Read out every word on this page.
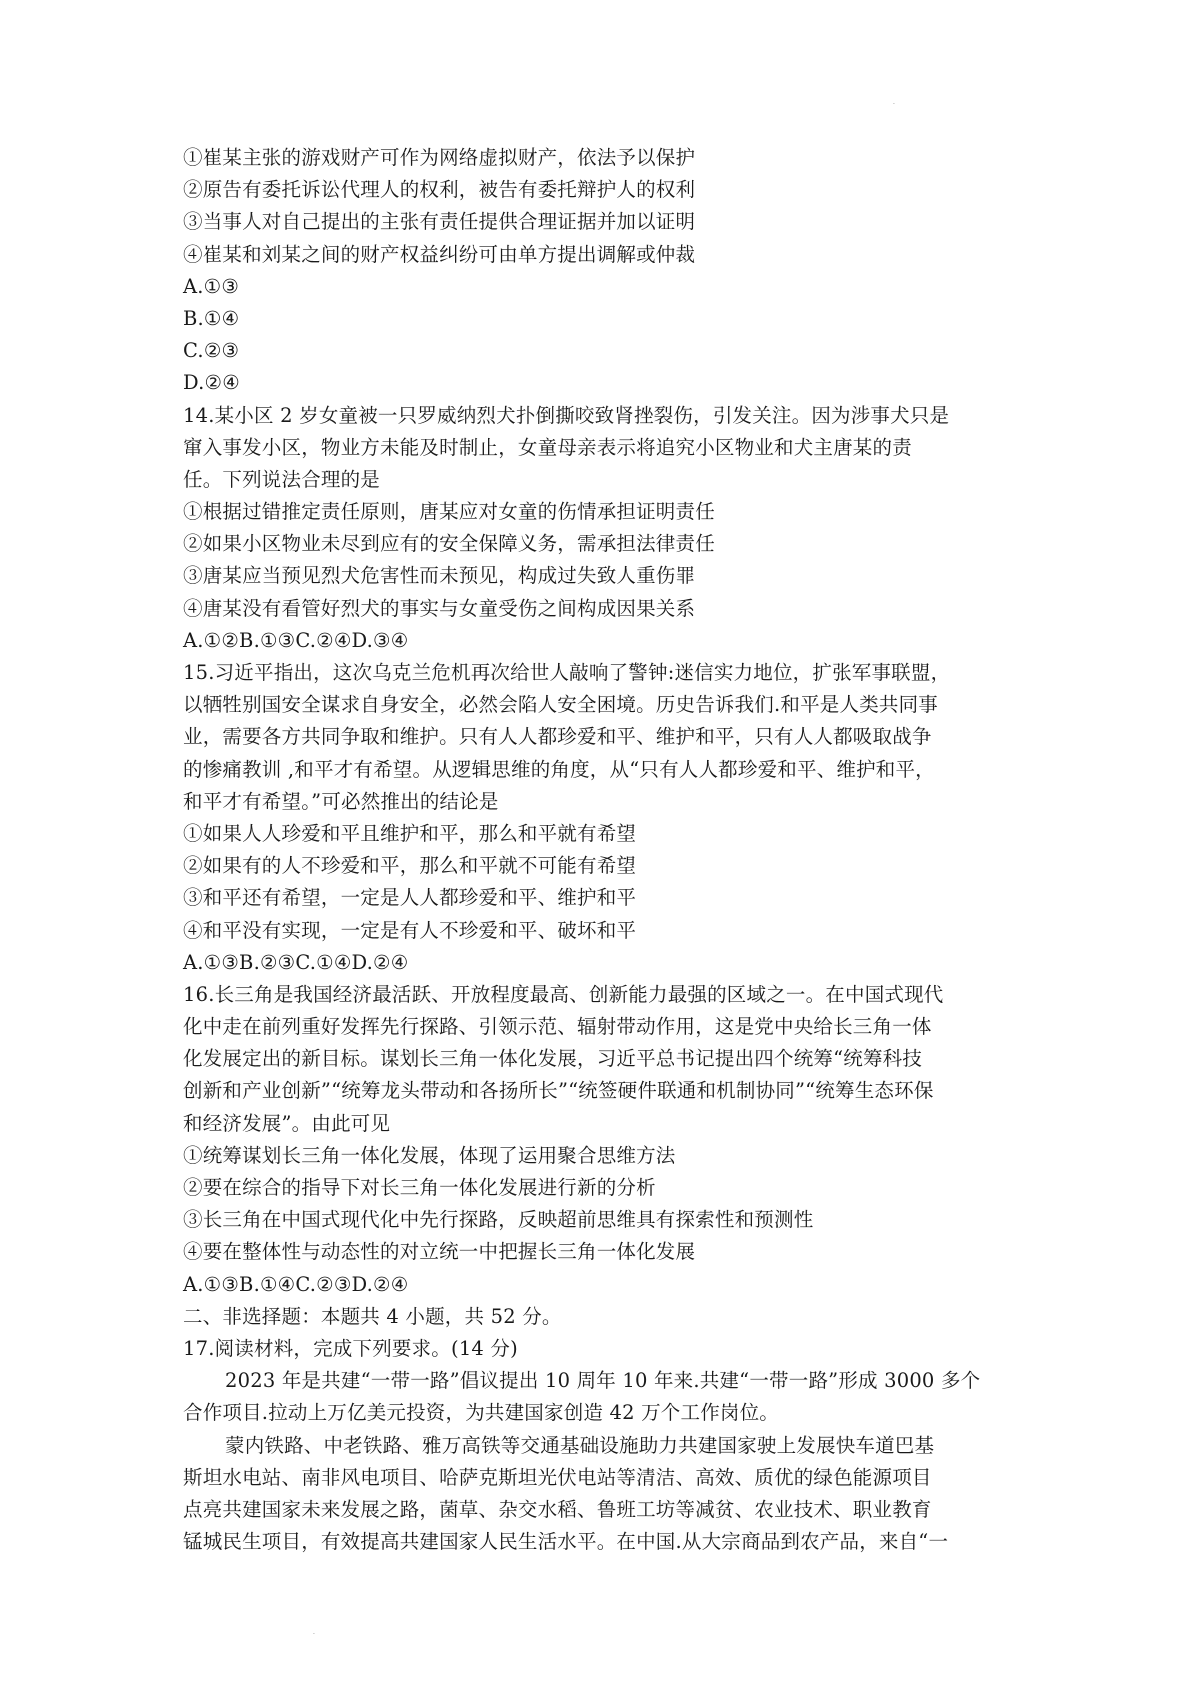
·
·
①崔某主张的游戏财产可作为网络虚拟财产，依法予以保护
②原告有委托诉讼代理人的权利，被告有委托辩护人的权利
③当事人对自己提出的主张有责任提供合理证据并加以证明
④崔某和刘某之间的财产权益纠纷可由单方提出调解或仲裁
A.①③
B.①④
C.②③
D.②④
14.某小区 2 岁女童被一只罗威纳烈犬扑倒撕咬致肾挫裂伤，引发关注。因为涉事犬只是
窜入事发小区，物业方未能及时制止，女童母亲表示将追究小区物业和犬主唐某的责
任。下列说法合理的是
①根据过错推定责任原则，唐某应对女童的伤情承担证明责任
②如果小区物业未尽到应有的安全保障义务，需承担法律责任
③唐某应当预见烈犬危害性而未预见，构成过失致人重伤罪
④唐某没有看管好烈犬的事实与女童受伤之间构成因果关系
A.①②B.①③C.②④D.③④
15.习近平指出，这次乌克兰危机再次给世人敲响了警钟:迷信实力地位，扩张军事联盟，
以牺牲别国安全谋求自身安全，必然会陷人安全困境。历史告诉我们.和平是人类共同事
业，需要各方共同争取和维护。只有人人都珍爱和平、维护和平，只有人人都吸取战争
的惨痛教训 ,和平才有希望。从逻辑思维的角度，从“只有人人都珍爱和平、维护和平，
和平才有希望。”可必然推出的结论是
①如果人人珍爱和平且维护和平，那么和平就有希望
②如果有的人不珍爱和平，那么和平就不可能有希望
③和平还有希望，一定是人人都珍爱和平、维护和平
④和平没有实现，一定是有人不珍爱和平、破坏和平
A.①③B.②③C.①④D.②④
16.长三角是我国经济最活跃、开放程度最高、创新能力最强的区域之一。在中国式现代
化中走在前列重好发挥先行探路、引领示范、辐射带动作用，这是党中央给长三角一体
化发展定出的新目标。谋划长三角一体化发展，习近平总书记提出四个统筹“统筹科技
创新和产业创新”“统筹龙头带动和各扬所长”“统签硬件联通和机制协同”“统筹生态环保
和经济发展”。由此可见
①统筹谋划长三角一体化发展，体现了运用聚合思维方法
②要在综合的指导下对长三角一体化发展进行新的分析
③长三角在中国式现代化中先行探路，反映超前思维具有探索性和预测性
④要在整体性与动态性的对立统一中把握长三角一体化发展
A.①③B.①④C.②③D.②④
二、非选择题：本题共 4 小题，共 52 分。
17.阅读材料，完成下列要求。(14 分)
2023 年是共建“一带一路”倡议提出 10 周年 10 年来.共建“一带一路”形成 3000 多个
合作项目.拉动上万亿美元投资，为共建国家创造 42 万个工作岗位。
蒙内铁路、中老铁路、雅万高铁等交通基础设施助力共建国家驶上发展快车道巴基
斯坦水电站、南非风电项目、哈萨克斯坦光伏电站等清洁、高效、质优的绿色能源项目
点亮共建国家未来发展之路，菌草、杂交水稻、鲁班工坊等减贫、农业技术、职业教育
锰城民生项目，有效提高共建国家人民生活水平。在中国.从大宗商品到农产品，来自“一
